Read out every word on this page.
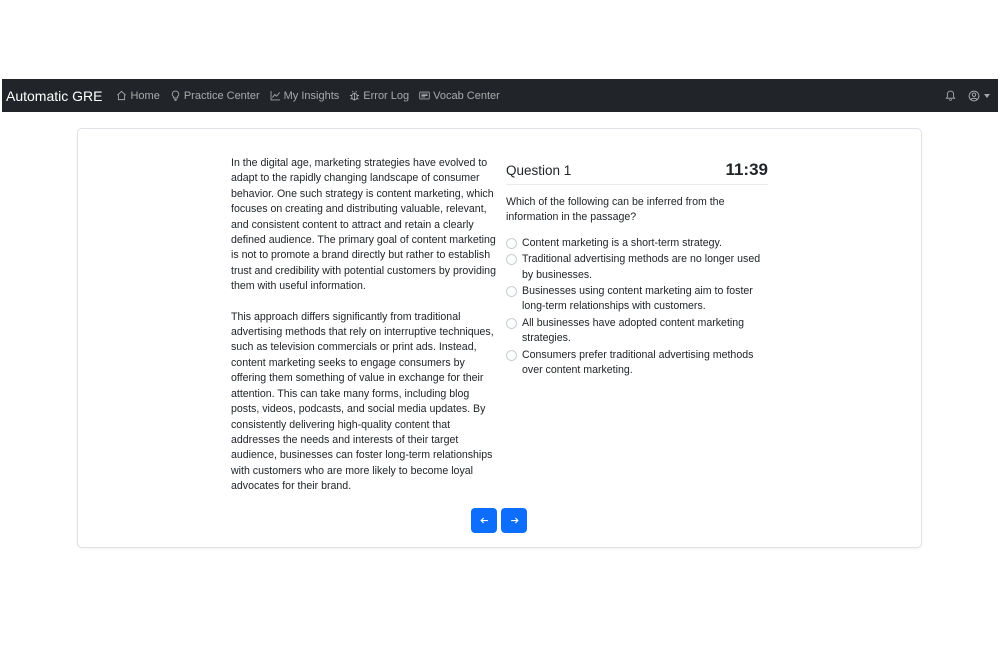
Automatic GRE	Home Practice Center My Insights Error Log Vocab Center

In the digital age, marketing strategies have evolved to adapt to the rapidly changing landscape of consumer behavior. One such strategy is content marketing, which focuses on creating and distributing valuable, relevant, and consistent content to attract and retain a clearly defined audience. The primary goal of content marketing is not to promote a brand directly but rather to establish trust and credibility with potential customers by providing them with useful information.

This approach differs significantly from traditional advertising methods that rely on interruptive techniques, such as television commercials or print ads. Instead, content marketing seeks to engage consumers by offering them something of value in exchange for their attention. This can take many forms, including blog posts, videos, podcasts, and social media updates. By consistently delivering high-quality content that addresses the needs and interests of their target audience, businesses can foster long-term relationships with customers who are more likely to become loyal advocates for their brand.

Question 1	11:39
Which of the following can be inferred from the information in the passage?
Content marketing is a short-term strategy.
Traditional advertising methods are no longer used by businesses.
Businesses using content marketing aim to foster long-term relationships with customers.
All businesses have adopted content marketing strategies.
Consumers prefer traditional advertising methods over content marketing.
